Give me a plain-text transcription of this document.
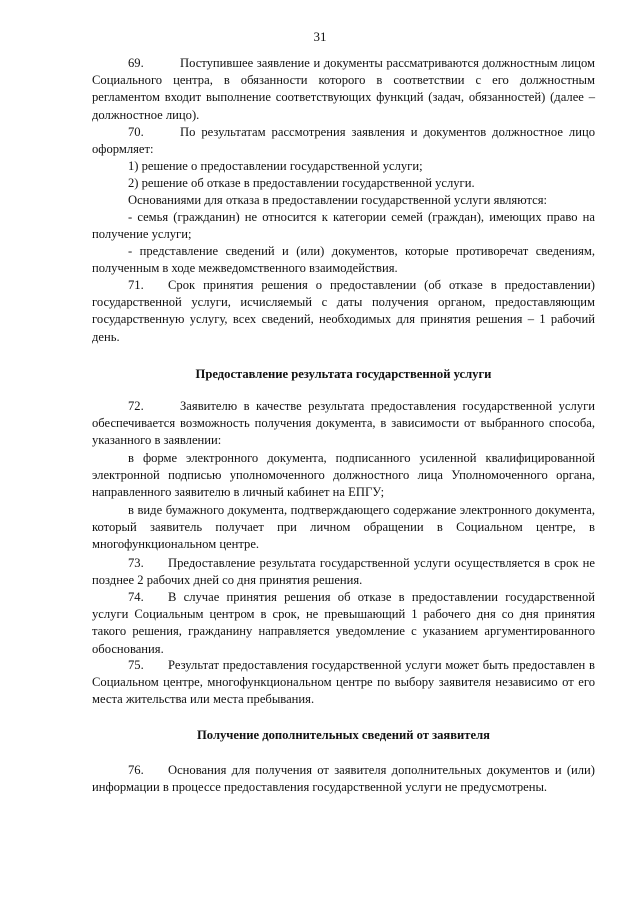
31

69.	Поступившее заявление и документы рассматриваются должностным лицом Социального центра, в обязанности которого в соответствии с его должностным регламентом входит выполнение соответствующих функций (задач, обязанностей) (далее – должностное лицо).

70.	По результатам рассмотрения заявления и документов должностное лицо оформляет:

1) решение о предоставлении государственной услуги;

2) решение об отказе в предоставлении государственной услуги.

Основаниями для отказа в предоставлении государственной услуги являются:

- семья (гражданин) не относится к категории семей (граждан), имеющих право на получение услуги;

- представление сведений и (или) документов, которые противоречат сведениям, полученным в ходе межведомственного взаимодействия.

71. Срок принятия решения о предоставлении (об отказе в предоставлении) государственной услуги, исчисляемый с даты получения органом, предоставляющим государственную услугу, всех сведений, необходимых для принятия решения – 1 рабочий день.

Предоставление результата государственной услуги

72.	Заявителю в качестве результата предоставления государственной услуги обеспечивается возможность получения документа, в зависимости от выбранного способа, указанного в заявлении:

в форме электронного документа, подписанного усиленной квалифицированной электронной подписью уполномоченного должностного лица Уполномоченного органа, направленного заявителю в личный кабинет на ЕПГУ;

в виде бумажного документа, подтверждающего содержание электронного документа, который заявитель получает при личном обращении в Социальном центре, в многофункциональном центре.

73. Предоставление результата государственной услуги осуществляется в срок не позднее 2 рабочих дней со дня принятия решения.

74. В случае принятия решения об отказе в предоставлении государственной услуги Социальным центром в срок, не превышающий 1 рабочего дня со дня принятия такого решения, гражданину направляется уведомление с указанием аргументированного обоснования.

75. Результат предоставления государственной услуги может быть предоставлен в Социальном центре, многофункциональном центре по выбору заявителя независимо от его места жительства или места пребывания.

Получение дополнительных сведений от заявителя

76. Основания для получения от заявителя дополнительных документов и (или) информации в процессе предоставления государственной услуги не предусмотрены.
